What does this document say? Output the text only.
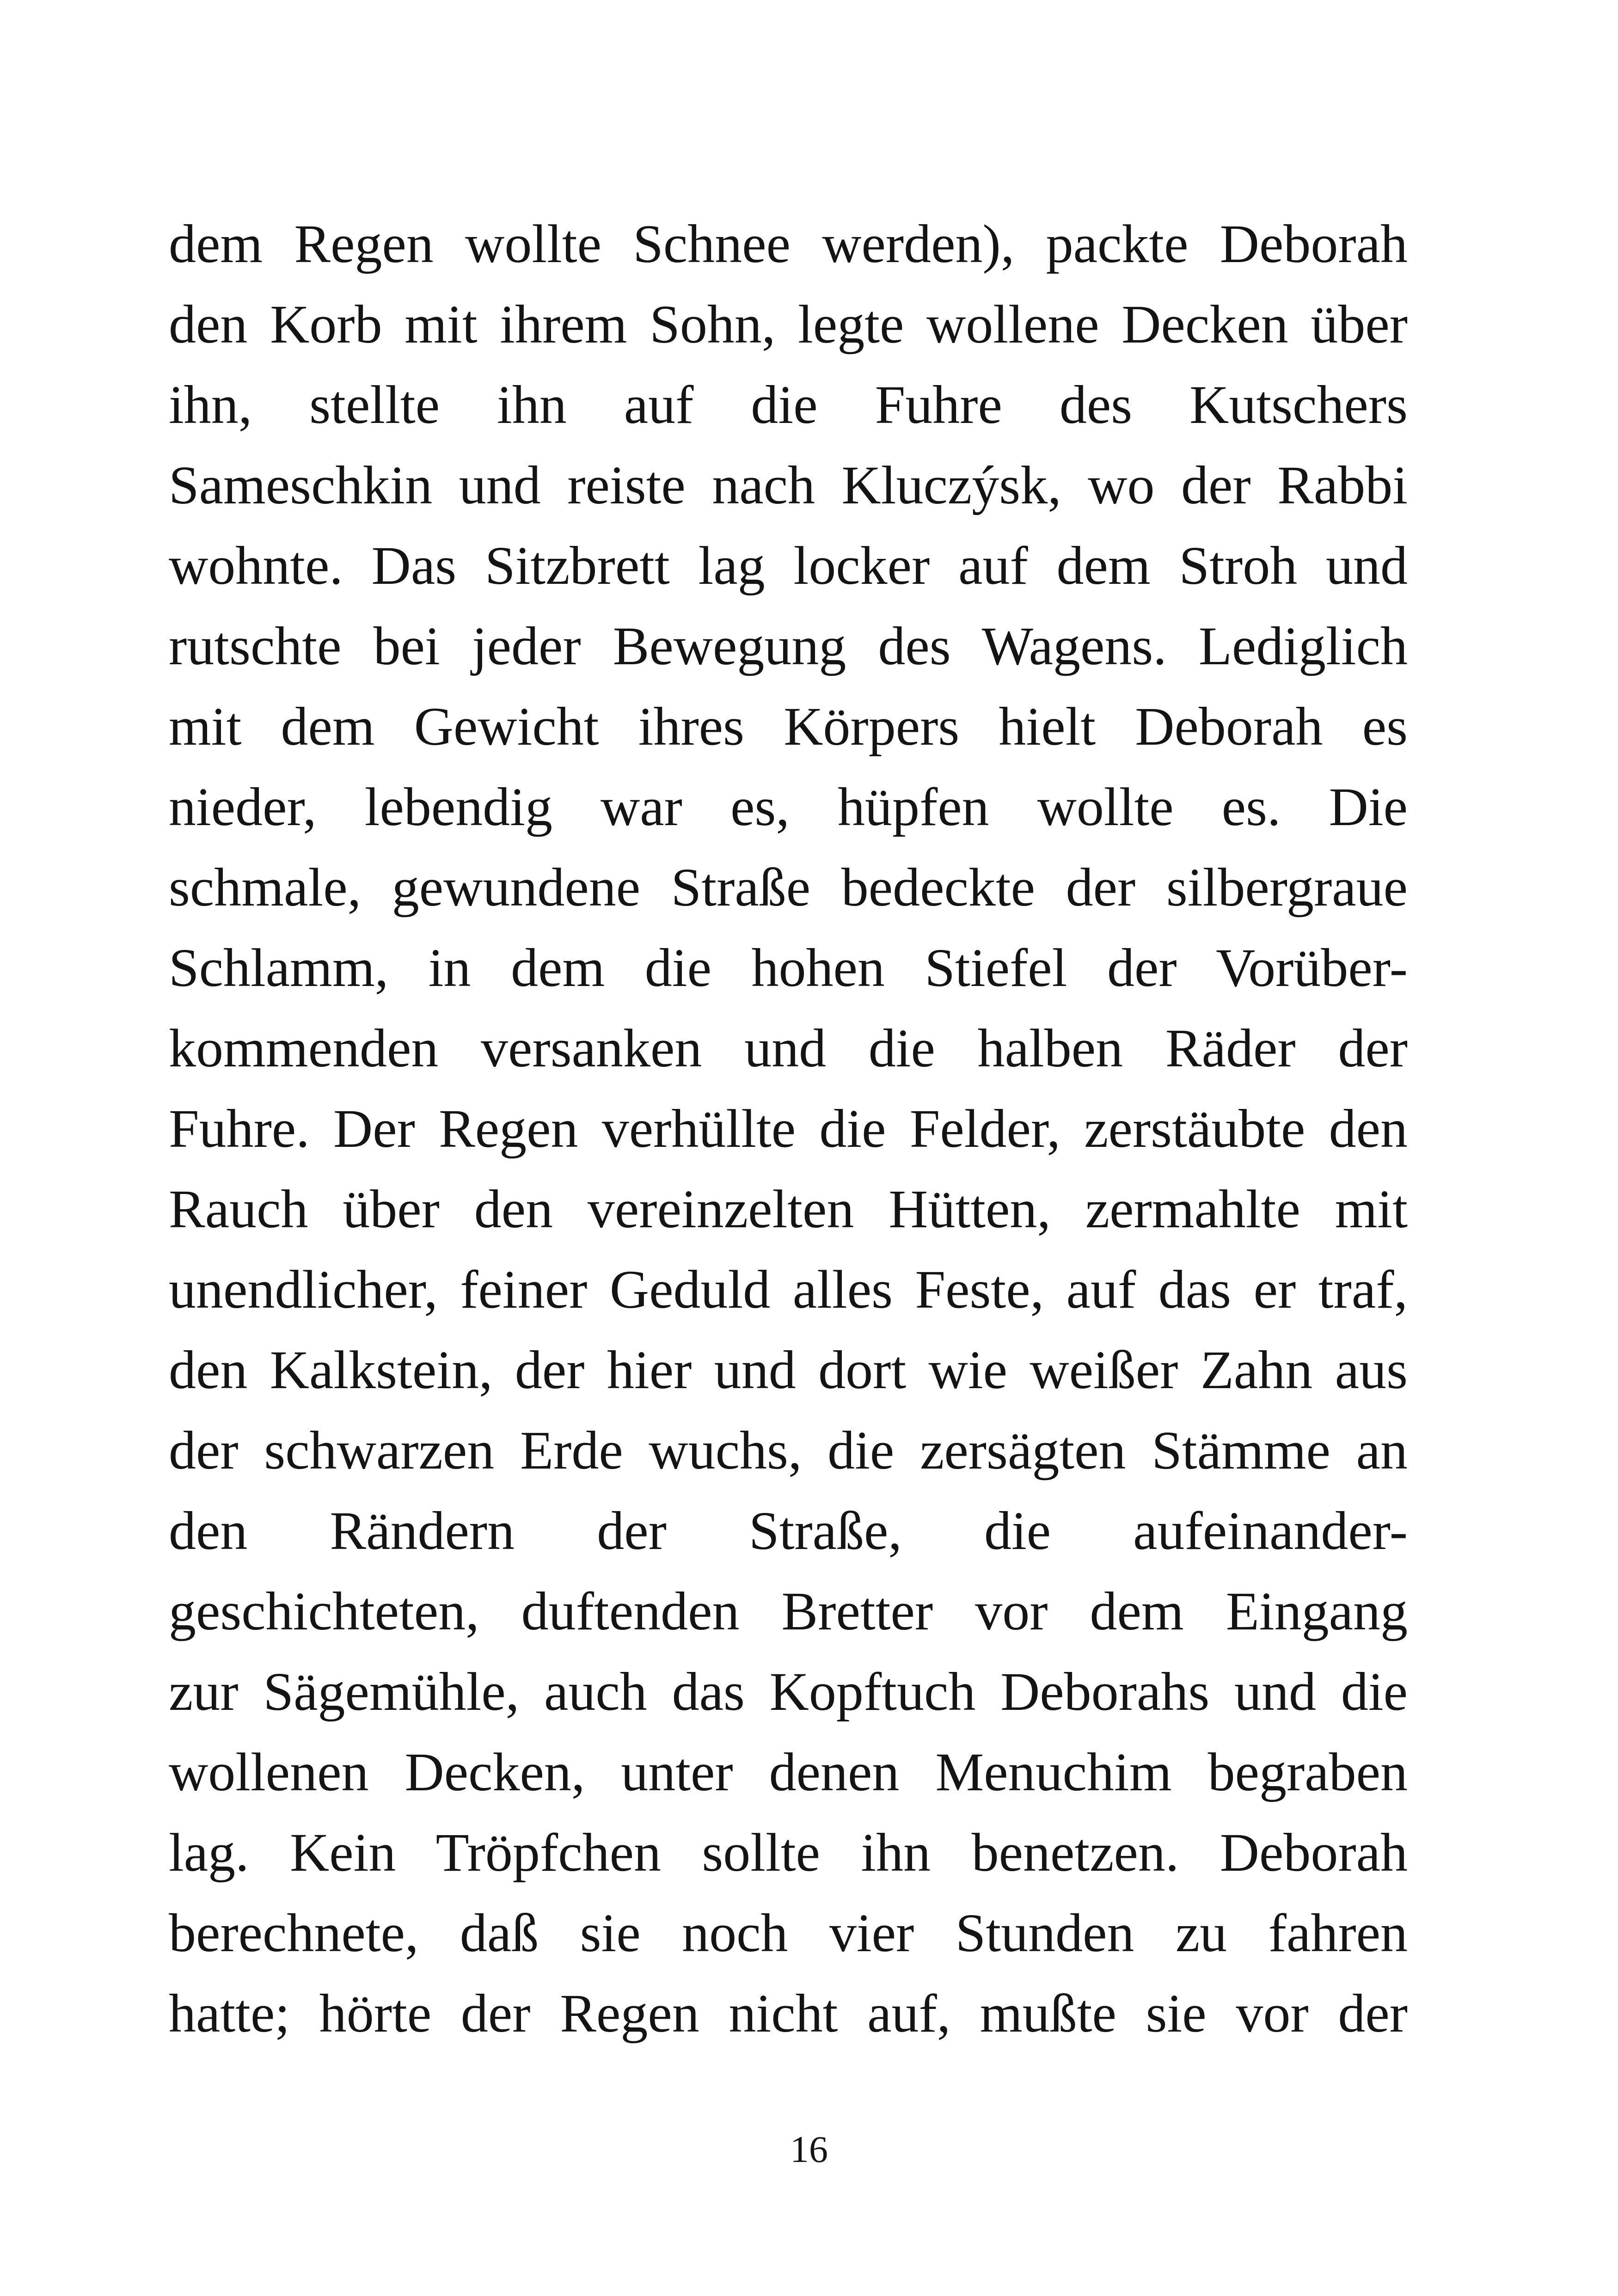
dem Regen wollte Schnee werden), packte Deborah
den Korb mit ihrem Sohn, legte wollene Decken über
ihn, stellte ihn auf die Fuhre des Kutschers
Sameschkin und reiste nach Kluczýsk, wo der Rabbi
wohnte. Das Sitzbrett lag locker auf dem Stroh und
rutschte bei jeder Bewegung des Wagens. Lediglich
mit dem Gewicht ihres Körpers hielt Deborah es
nieder, lebendig war es, hüpfen wollte es. Die
schmale, gewundene Straße bedeckte der silbergraue
Schlamm, in dem die hohen Stiefel der Vorüber-
kommenden versanken und die halben Räder der
Fuhre. Der Regen verhüllte die Felder, zerstäubte den
Rauch über den vereinzelten Hütten, zermahlte mit
unendlicher, feiner Geduld alles Feste, auf das er traf,
den Kalkstein, der hier und dort wie weißer Zahn aus
der schwarzen Erde wuchs, die zersägten Stämme an
den Rändern der Straße, die aufeinander-
geschichteten, duftenden Bretter vor dem Eingang
zur Sägemühle, auch das Kopftuch Deborahs und die
wollenen Decken, unter denen Menuchim begraben
lag. Kein Tröpfchen sollte ihn benetzen. Deborah
berechnete, daß sie noch vier Stunden zu fahren
hatte; hörte der Regen nicht auf, mußte sie vor der
16
